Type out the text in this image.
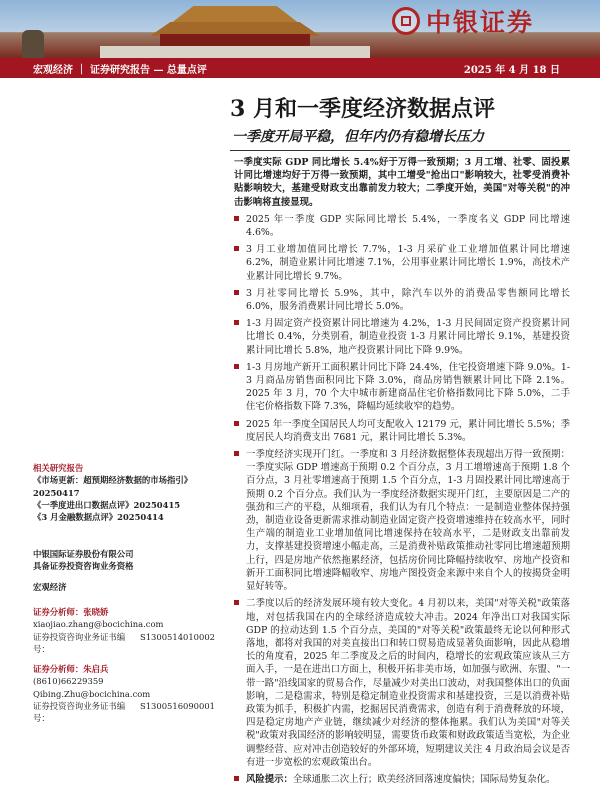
中银证券
宏观经济 ｜ 证券研究报告 — 总量点评	2025 年 4 月 18 日
3 月和一季度经济数据点评
一季度开局平稳，但年内仍有稳增长压力

一季度实际 GDP 同比增长 5.4%好于万得一致预期；3 月工增、社零、固投累计同比增速均好于万得一致预期，其中工增受"抢出口"影响较大，社零受消费补贴影响较大，基建受财政支出靠前发力较大；二季度开始，美国"对等关税"的冲击影响将直接显现。

2025 年一季度 GDP 实际同比增长 5.4%，一季度名义 GDP 同比增速 4.6%。
3 月工业增加值同比增长 7.7%，1-3 月采矿业工业增加值累计同比增速 6.2%，制造业累计同比增速 7.1%，公用事业累计同比增长 1.9%，高技术产业累计同比增长 9.7%。
3 月社零同比增长 5.9%，其中，除汽车以外的消费品零售额同比增长 6.0%，服务消费累计同比增长 5.0%。
1-3 月固定资产投资累计同比增速为 4.2%，1-3 月民间固定资产投资累计同比增长 0.4%，分类别看，制造业投资 1-3 月累计同比增长 9.1%，基建投资累计同比增长 5.8%，地产投资累计同比下降 9.9%。
1-3 月房地产新开工面积累计同比下降 24.4%，住宅投资增速下降 9.0%。1-3 月商品房销售面积同比下降 3.0%，商品房销售额累计同比下降 2.1%。2025 年 3 月，70 个大中城市新建商品住宅价格指数同比下降 5.0%，二手住宅价格指数下降 7.3%，降幅均延续收窄的趋势。
2025 年一季度全国居民人均可支配收入 12179 元，累计同比增长 5.5%；季度居民人均消费支出 7681 元，累计同比增长 5.3%。
一季度经济实现开门红。一季度和 3 月经济数据整体表现超出万得一致预期：一季度实际 GDP 增速高于预期 0.2 个百分点，3 月工增增速高于预期 1.8 个百分点，3 月社零增速高于预期 1.5 个百分点，1-3 月固投累计同比增速高于预期 0.2 个百分点。我们认为一季度经济数据实现开门红，主要原因是二产的强劲和三产的平稳，从细项看，我们认为有几个特点：一是制造业整体保持强劲，制造业设备更新需求推动制造业固定资产投资增速维持在较高水平，同时生产端的制造业工业增加值同比增速保持在较高水平，二是财政支出靠前发力，支撑基建投资增速小幅走高，三是消费补贴政策推动社零同比增速超预期上行，四是房地产依然拖累经济，包括房价同比降幅持续收窄、房地产投资和新开工面积同比增速降幅收窄、房地产图投资金来源中来自个人的按揭贷金明显好转等。
二季度以后的经济发展环境有较大变化。4 月初以来，美国"对等关税"政策落地，对包括我国在内的全球经济造成较大冲击。2024 年净出口对我国实际 GDP 的拉动达到 1.5 个百分点，美国的"对等关税"政策最终无论以何种形式落地，都将对我国的对美直接出口和转口贸易造成显著负面影响，因此从稳增长的角度看，2025 年二季度及之后的时间内，稳增长的宏观政策应该从三方面入手，一是在进出口方面上，积极开拓非美市场，如加强与欧洲、东盟、"一带一路"沿线国家的贸易合作，尽量减少对美出口波动，对我国整体出口的负面影响，二是稳需求，特别是稳定制造业投资需求和基建投资，三是以消费补贴政策为抓手，积极扩内需，挖掘居民消费需求，创造有利于消费释放的环境，四是稳定房地产产业链，继续减少对经济的整体拖累。我们认为美国"对等关税"政策对我国经济的影响较明显，需要货币政策和财政政策适当宽松，为企业调整经营、应对冲击创造较好的外部环境，短期建议关注 4 月政治局会议是否有进一步宽松的宏观政策出台。
风险提示：全球通胀二次上行；欧美经济回落速度偏快；国际局势复杂化。
相关研究报告
《市场更新：超预期经济数据的市场指引》20250417
《一季度进出口数据点评》20250415
《3 月金融数据点评》20250414
中银国际证券股份有限公司
具备证券投资咨询业务资格
宏观经济
证券分析师：张晓娇
xiaojiao.zhang@bocichina.com
证券投资咨询业务证书编号：
S1300514010002
证券分析师：朱启兵
(8610)66229359
Qibing.Zhu@bocichina.com
证券投资咨询业务证书编号：
S1300516090001
